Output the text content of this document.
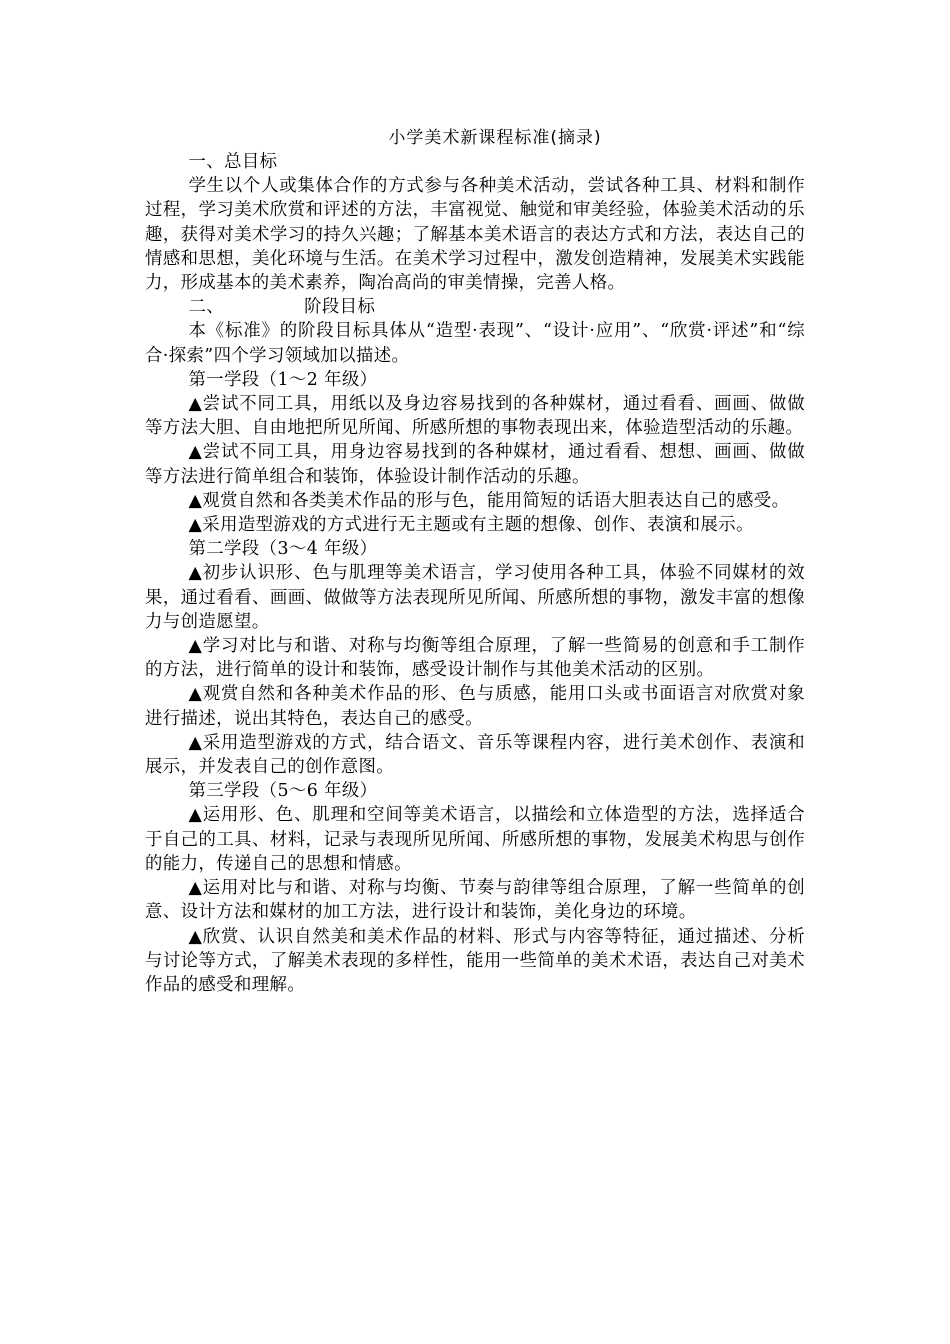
小学美术新课程标准(摘录)

一、总目标

学生以个人或集体合作的方式参与各种美术活动，尝试各种工具、材料和制作过程，学习美术欣赏和评述的方法，丰富视觉、触觉和审美经验，体验美术活动的乐趣，获得对美术学习的持久兴趣；了解基本美术语言的表达方式和方法，表达自己的情感和思想，美化环境与生活。在美术学习过程中，激发创造精神，发展美术实践能力，形成基本的美术素养，陶冶高尚的审美情操，完善人格。

二、	阶段目标

本《标准》的阶段目标具体从“造型·表现”、“设计·应用”、“欣赏·评述”和“综合·探索”四个学习领域加以描述。

第一学段（1～2 年级）

▲尝试不同工具，用纸以及身边容易找到的各种媒材，通过看看、画画、做做等方法大胆、自由地把所见所闻、所感所想的事物表现出来，体验造型活动的乐趣。

▲尝试不同工具，用身边容易找到的各种媒材，通过看看、想想、画画、做做等方法进行简单组合和装饰，体验设计制作活动的乐趣。

▲观赏自然和各类美术作品的形与色，能用简短的话语大胆表达自己的感受。

▲采用造型游戏的方式进行无主题或有主题的想像、创作、表演和展示。

第二学段（3～4 年级）

▲初步认识形、色与肌理等美术语言，学习使用各种工具，体验不同媒材的效果，通过看看、画画、做做等方法表现所见所闻、所感所想的事物，激发丰富的想像力与创造愿望。

▲学习对比与和谐、对称与均衡等组合原理，了解一些简易的创意和手工制作的方法，进行简单的设计和装饰，感受设计制作与其他美术活动的区别。

▲观赏自然和各种美术作品的形、色与质感，能用口头或书面语言对欣赏对象进行描述，说出其特色，表达自己的感受。

▲采用造型游戏的方式，结合语文、音乐等课程内容，进行美术创作、表演和展示，并发表自己的创作意图。

第三学段（5～6 年级）

▲运用形、色、肌理和空间等美术语言，以描绘和立体造型的方法，选择适合于自己的工具、材料，记录与表现所见所闻、所感所想的事物，发展美术构思与创作的能力，传递自己的思想和情感。

▲运用对比与和谐、对称与均衡、节奏与韵律等组合原理，了解一些简单的创意、设计方法和媒材的加工方法，进行设计和装饰，美化身边的环境。

▲欣赏、认识自然美和美术作品的材料、形式与内容等特征，通过描述、分析与讨论等方式，了解美术表现的多样性，能用一些简单的美术术语，表达自己对美术作品的感受和理解。
